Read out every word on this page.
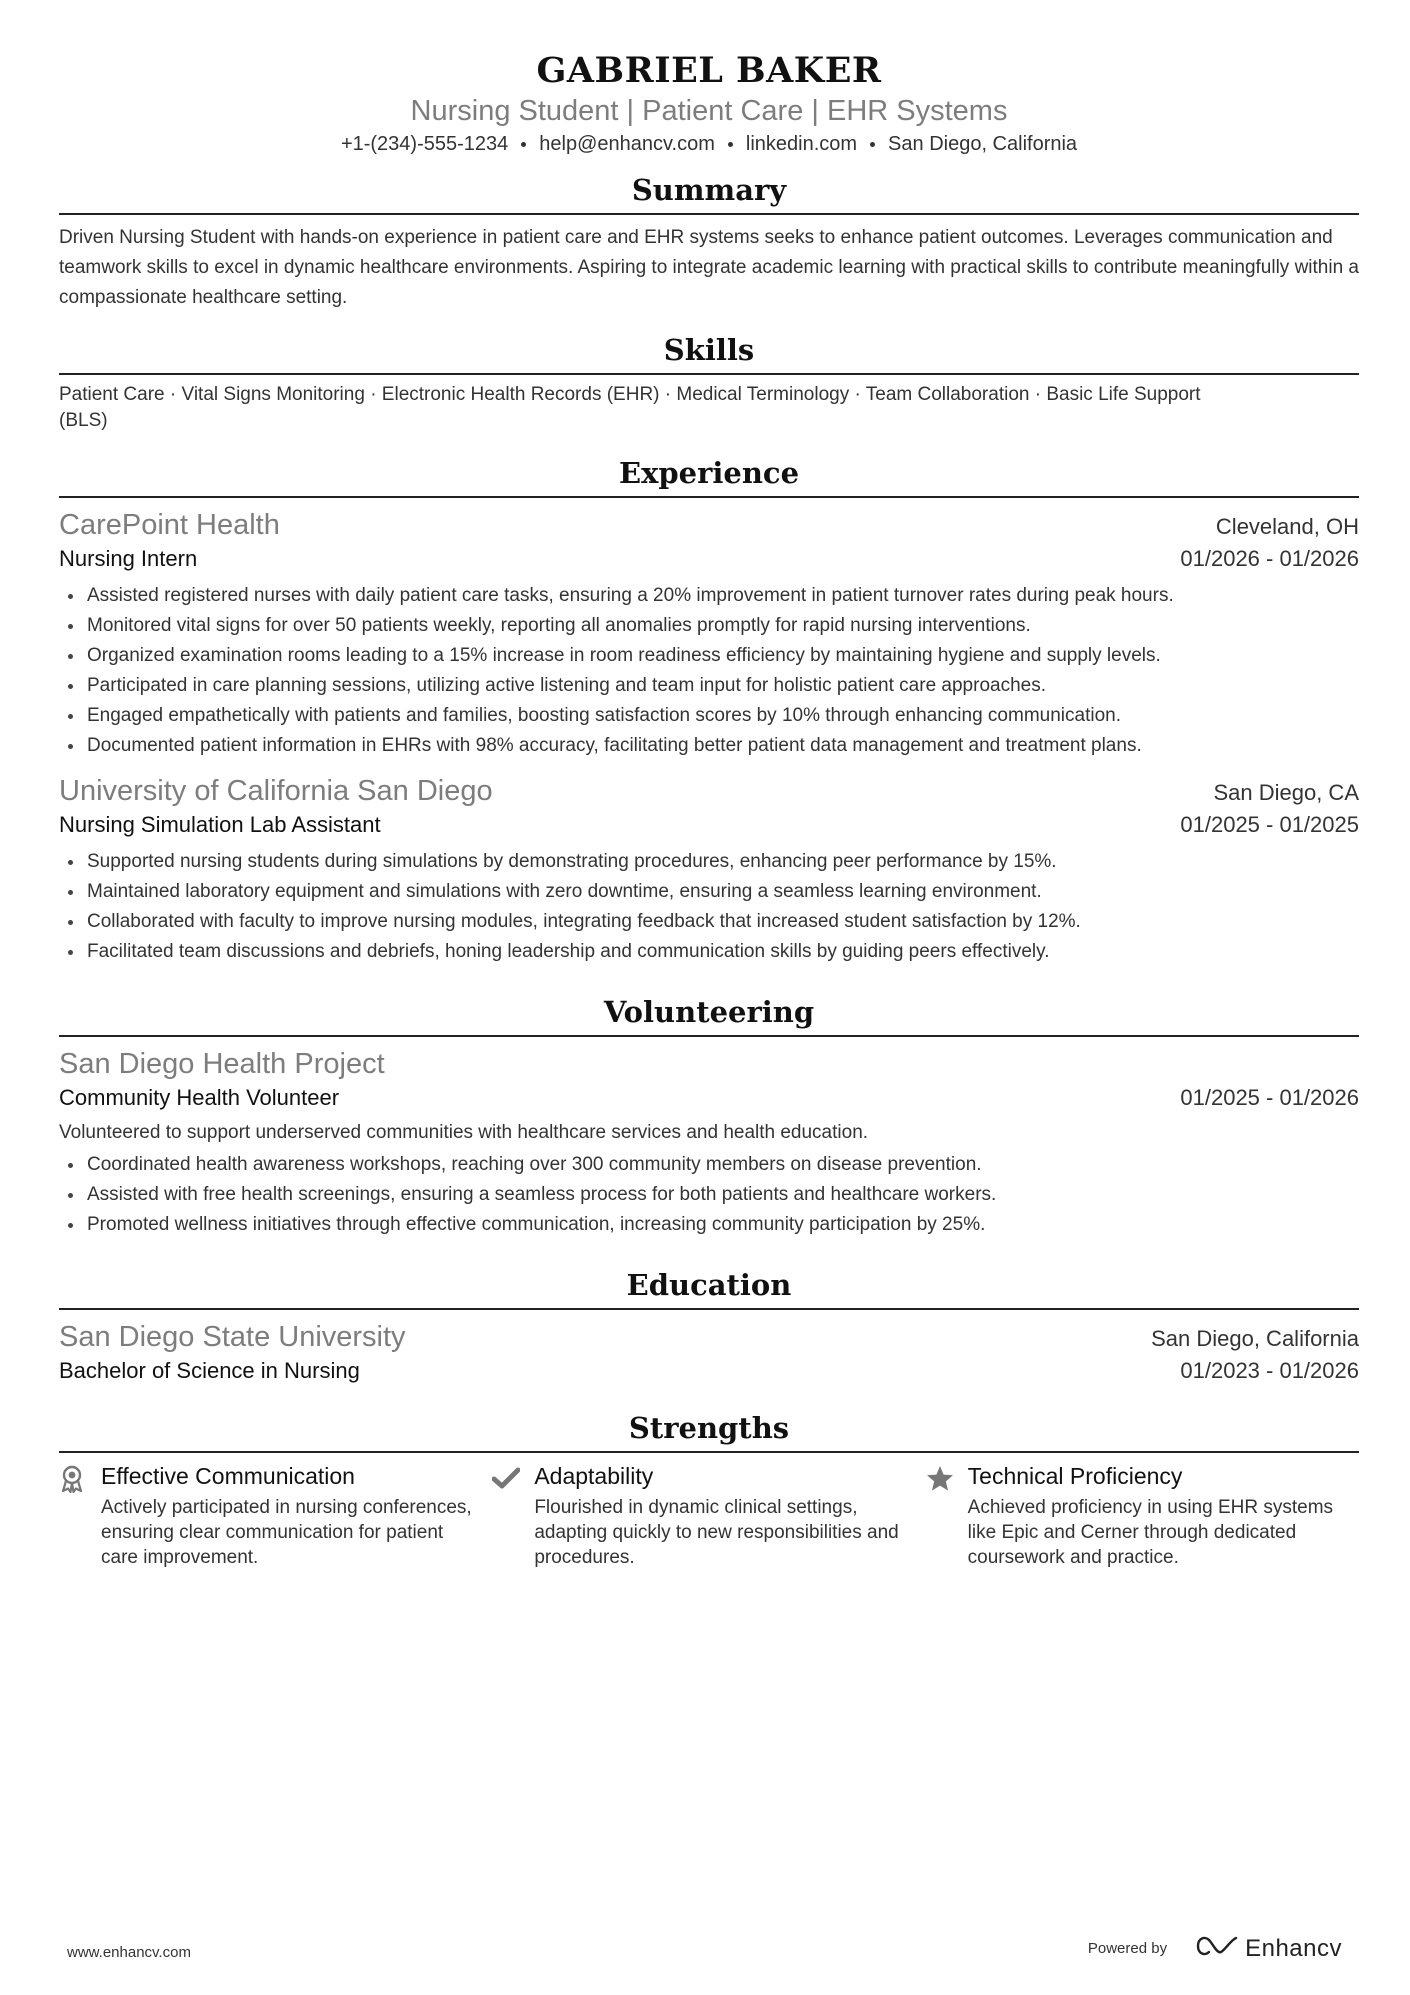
GABRIEL BAKER
Nursing Student | Patient Care | EHR Systems
+1-(234)-555-1234 help@enhancv.com linkedin.com San Diego, California
Summary
Driven Nursing Student with hands-on experience in patient care and EHR systems seeks to enhance patient outcomes. Leverages communication and teamwork skills to excel in dynamic healthcare environments. Aspiring to integrate academic learning with practical skills to contribute meaningfully within a compassionate healthcare setting.
Skills
Patient Care · Vital Signs Monitoring · Electronic Health Records (EHR) · Medical Terminology · Team Collaboration · Basic Life Support (BLS)
Experience
CarePoint Health	Cleveland, OH
Nursing Intern	01/2026 - 01/2026
Assisted registered nurses with daily patient care tasks, ensuring a 20% improvement in patient turnover rates during peak hours.
Monitored vital signs for over 50 patients weekly, reporting all anomalies promptly for rapid nursing interventions.
Organized examination rooms leading to a 15% increase in room readiness efficiency by maintaining hygiene and supply levels.
Participated in care planning sessions, utilizing active listening and team input for holistic patient care approaches.
Engaged empathetically with patients and families, boosting satisfaction scores by 10% through enhancing communication.
Documented patient information in EHRs with 98% accuracy, facilitating better patient data management and treatment plans.
University of California San Diego	San Diego, CA
Nursing Simulation Lab Assistant	01/2025 - 01/2025
Supported nursing students during simulations by demonstrating procedures, enhancing peer performance by 15%.
Maintained laboratory equipment and simulations with zero downtime, ensuring a seamless learning environment.
Collaborated with faculty to improve nursing modules, integrating feedback that increased student satisfaction by 12%.
Facilitated team discussions and debriefs, honing leadership and communication skills by guiding peers effectively.
Volunteering
San Diego Health Project
Community Health Volunteer	01/2025 - 01/2026
Volunteered to support underserved communities with healthcare services and health education.
Coordinated health awareness workshops, reaching over 300 community members on disease prevention.
Assisted with free health screenings, ensuring a seamless process for both patients and healthcare workers.
Promoted wellness initiatives through effective communication, increasing community participation by 25%.
Education
San Diego State University	San Diego, California
Bachelor of Science in Nursing	01/2023 - 01/2026
Strengths
Effective Communication
Actively participated in nursing conferences, ensuring clear communication for patient care improvement.
Adaptability
Flourished in dynamic clinical settings, adapting quickly to new responsibilities and procedures.
Technical Proficiency
Achieved proficiency in using EHR systems like Epic and Cerner through dedicated coursework and practice.
www.enhancv.com	Powered by	Enhancv
